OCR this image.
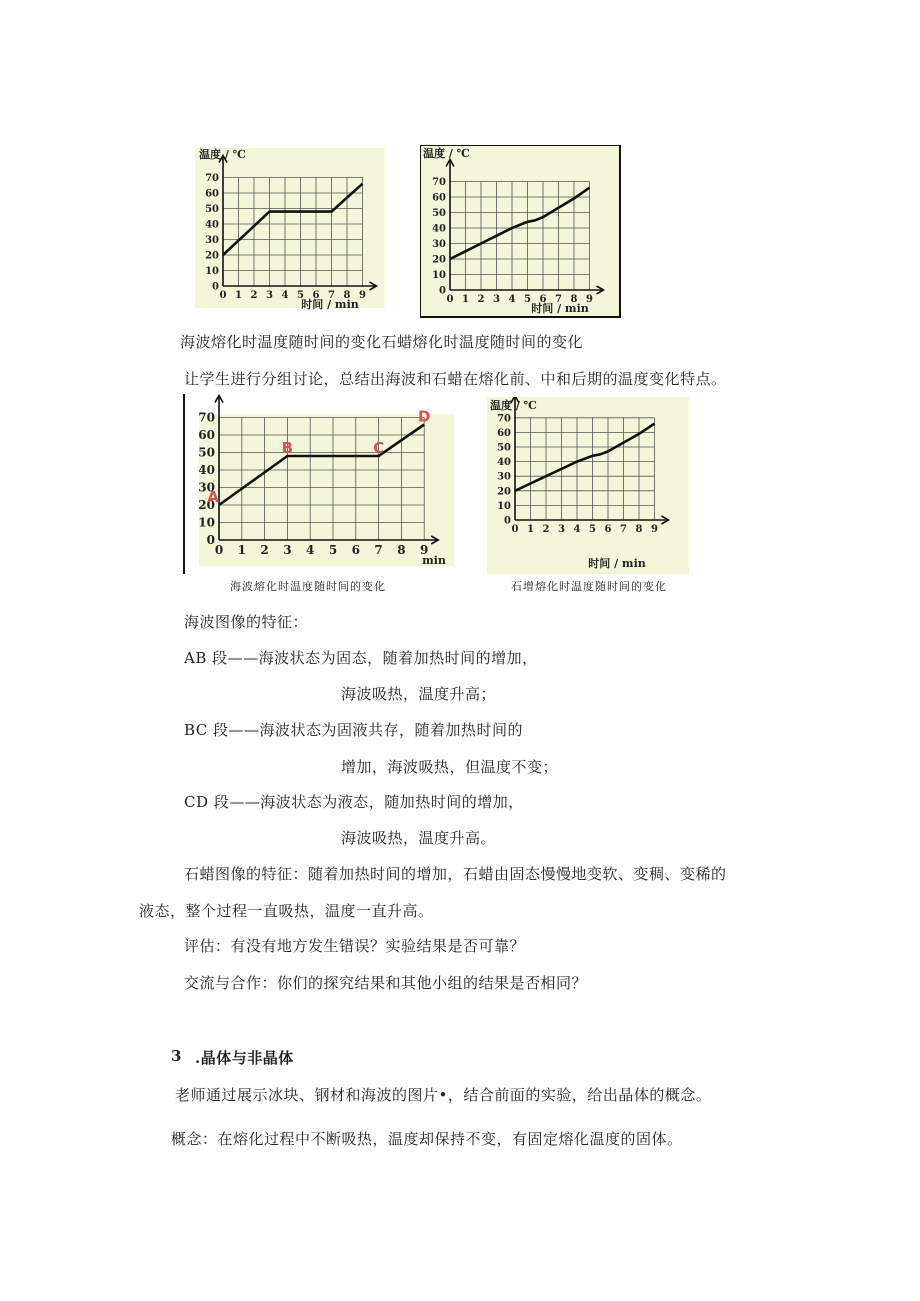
0 1 2 3 4 5 6 7 8 9
0
10
20
30
40
50
60
70
温度 / ℃
时间 / min	0 1 2 3 4 5 6 7 8 9
0
10
20
30
40
50
60
70
温度 / ℃
时间 / min
海波熔化时温度随时间的变化石蜡熔化时温度随时间的变化
让学生进行分组讨论，总结出海波和石蜡在熔化前、中和后期的温度变化特点。
0 1 2 3 4 5 6 7 8 9
0
10
20
30
40
50
60
70
min
A
B	C
D
海波熔化时温度随时间的变化
0 1 2 3 4 5 6 7 8 9
0
10
20
30
40
50
60
70
温度 / ℃
时间 / min
石增熔化时温度随时间的变化
海波图像的特征：
AB 段——海波状态为固态，随着加热时间的增加，
海波吸热，温度升高；
BC 段——海波状态为固液共存，随着加热时间的
增加，海波吸热，但温度不变；
CD 段——海波状态为液态，随加热时间的增加，
海波吸热，温度升高。
石蜡图像的特征：随着加热时间的增加，石蜡由固态慢慢地变软、变稠、变稀的
液态，整个过程一直吸热，温度一直升高。
评估：有没有地方发生错误？实验结果是否可靠？
交流与合作：你们的探究结果和其他小组的结果是否相同？
3 .晶体与非晶体
老师通过展示冰块、钢材和海波的图片•，结合前面的实验，给出晶体的概念。
概念：在熔化过程中不断吸热，温度却保持不变，有固定熔化温度的固体。
